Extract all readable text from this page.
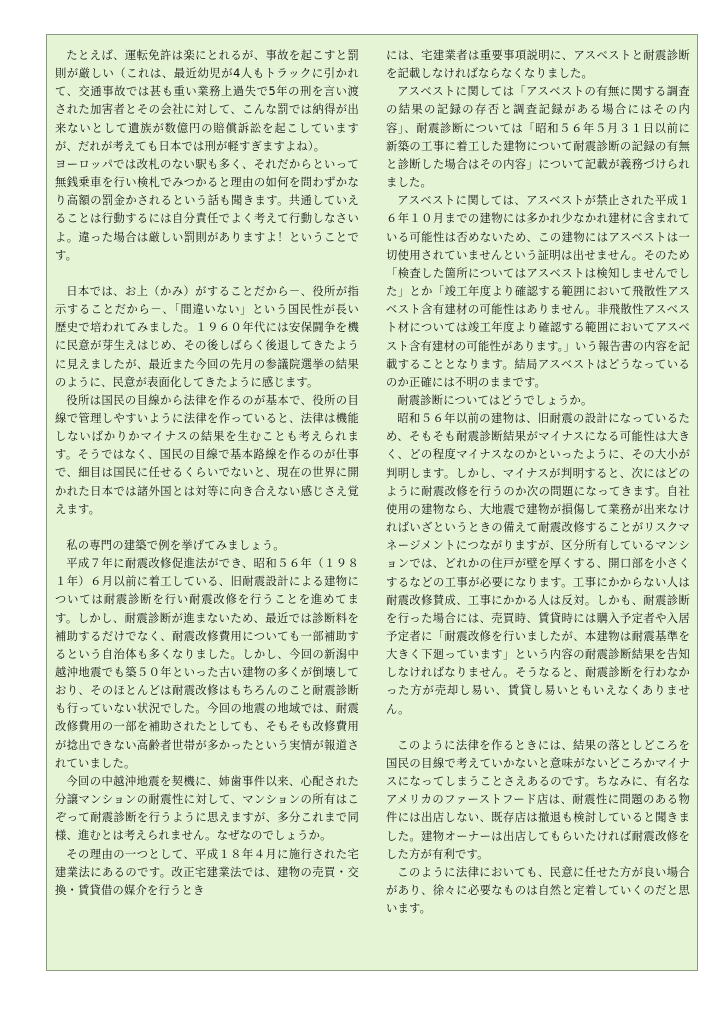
たとえば、運転免許は楽にとれるが、事故を起こすと罰則が厳しい（これは、最近幼児が4人もトラックに引かれて、交通事故では甚も重い業務上過失で5年の刑を言い渡された加害者とその会社に対して、こんな罰では納得が出来ないとして遺族が数億円の賠償訴訟を起こしていますが、だれが考えても日本では刑が軽すぎますよね）。

ヨーロッパでは改札のない駅も多く、それだからといって無銭乗車を行い検札でみつかると理由の如何を問わずかなり高額の罰金かされるという話も聞きます。共通していえることは行動するには自分責任でよく考えて行動しなさいよ。違った場合は厳しい罰則がありますよ！ということです。

日本では、お上（かみ）がすることだから－、役所が指示することだから－、「間違いない」という国民性が長い歴史で培われてみました。１９６０年代には安保闘争を機に民意が芽生えはじめ、その後しばらく後退してきたように見えましたが、最近また今回の先月の参議院選挙の結果のように、民意が表面化してきたように感じます。

役所は国民の目線から法律を作るのが基本で、役所の目線で管理しやすいように法律を作っていると、法律は機能しないばかりかマイナスの結果を生むことも考えられます。そうではなく、国民の目線で基本路線を作るのが仕事で、細目は国民に任せるくらいでないと、現在の世界に開かれた日本では諸外国とは対等に向き合えない感じさえ覚えます。

私の専門の建築で例を挙げてみましょう。

平成７年に耐震改修促進法ができ、昭和５６年（１９８１年）６月以前に着工している、旧耐震設計による建物については耐震診断を行い耐震改修を行うことを進めてます。しかし、耐震診断が進まないため、最近では診断料を補助するだけでなく、耐震改修費用についても一部補助するという自治体も多くなりました。しかし、今回の新潟中越沖地震でも築５０年といった古い建物の多くが倒壊しており、そのほとんどは耐震改修はもちろんのこと耐震診断も行っていない状況でした。今回の地震の地域では、耐震改修費用の一部を補助されたとしても、そもそも改修費用が捻出できない高齢者世帯が多かったという実情が報道されていました。

今回の中越沖地震を契機に、姉歯事件以来、心配された分譲マンションの耐震性に対して、マンションの所有はこぞって耐震診断を行うように思えますが、多分これまで同様、進むとは考えられません。なぜなのでしょうか。

その理由の一つとして、平成１８年４月に施行された宅建業法にあるのです。改正宅建業法では、建物の売買・交換・賃貸借の媒介を行うとき

には、宅建業者は重要事項説明に、アスベストと耐震診断を記載しなければならなくなりました。

アスベストに関しては「アスベストの有無に関する調査の結果の記録の存否と調査記録がある場合にはその内容」、耐震診断については「昭和５６年５月３１日以前に新築の工事に着工した建物について耐震診断の記録の有無と診断した場合はその内容」について記載が義務づけられました。

アスベストに関しては、アスベストが禁止された平成１６年１０月までの建物には多かれ少なかれ建材に含まれている可能性は否めないため、この建物にはアスベストは一切使用されていませんという証明は出せません。そのため「検査した箇所についてはアスベストは検知しませんでした」とか「竣工年度より確認する範囲において飛散性アスベスト含有建材の可能性はありません。非飛散性アスベスト材については竣工年度より確認する範囲においてアスベスト含有建材の可能性があります。」いう報告書の内容を記載することとなります。結局アスベストはどうなっているのか正確には不明のままです。

耐震診断についてはどうでしょうか。

昭和５６年以前の建物は、旧耐震の設計になっているため、そもそも耐震診断結果がマイナスになる可能性は大きく、どの程度マイナスなのかといったように、その大小が判明します。しかし、マイナスが判明すると、次にはどのように耐震改修を行うのか次の問題になってきます。自社使用の建物なら、大地震で建物が損傷して業務が出来なければいざというときの備えて耐震改修することがリスクマネージメントにつながりますが、区分所有しているマンションでは、どれかの住戸が壁を厚くする、開口部を小さくするなどの工事が必要になります。工事にかからない人は耐震改修賛成、工事にかかる人は反対。しかも、耐震診断を行った場合には、売買時、賃貸時には購入予定者や入居予定者に「耐震改修を行いましたが、本建物は耐震基準を大きく下廻っています」という内容の耐震診断結果を告知しなければなりません。そうなると、耐震診断を行わなかった方が売却し易い、賃貸し易いともいえなくありません。

このように法律を作るときには、結果の落としどころを国民の目線で考えていかないと意味がないどころかマイナスになってしまうことさえあるのです。ちなみに、有名なアメリカのファーストフード店は、耐震性に問題のある物件には出店しない、既存店は撤退も検討していると聞きました。建物オーナーは出店してもらいたければ耐震改修をした方が有利です。

このように法律においても、民意に任せた方が良い場合があり、徐々に必要なものは自然と定着していくのだと思います。
